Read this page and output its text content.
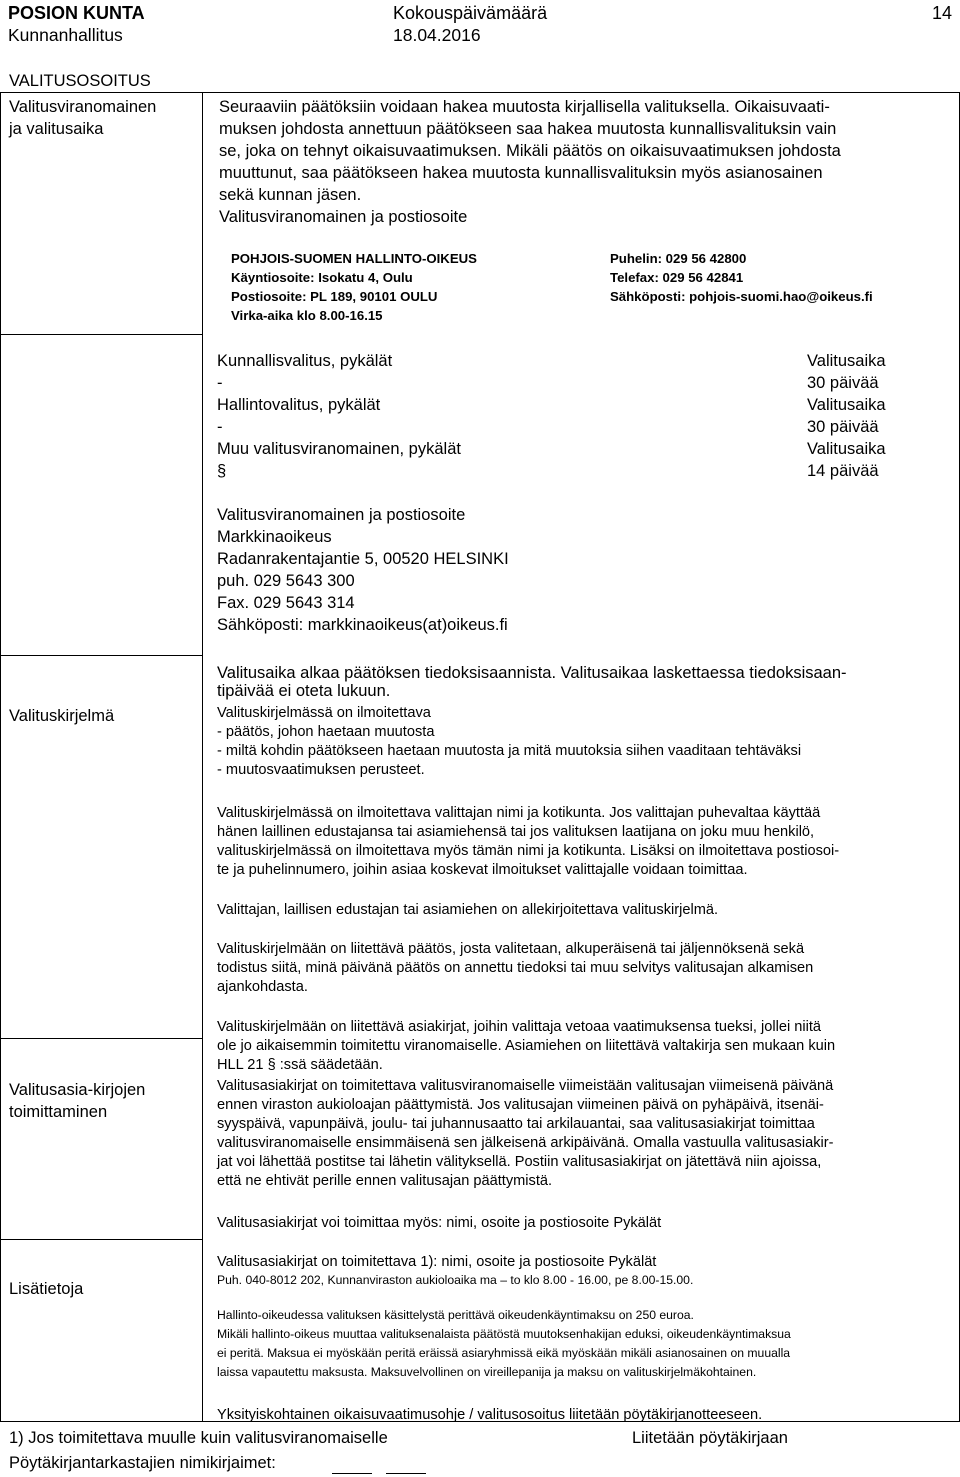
POSION KUNTA
Kunnanhallitus
Kokouspäivämäärä
18.04.2016
14
VALITUSOSOITUS
Valitusviranomainen
ja valitusaika
Valituskirjelmä
Valitusasia-kirjojen
toimittaminen
Lisätietoja
Seuraaviin päätöksiin voidaan hakea muutosta kirjallisella valituksella. Oikaisuvaati-
muksen johdosta annettuun päätökseen saa hakea muutosta kunnallisvalituksin vain
se, joka on tehnyt oikaisuvaatimuksen. Mikäli päätös on oikaisuvaatimuksen johdosta
muuttunut, saa päätökseen hakea muutosta kunnallisvalituksin myös asianosainen
sekä kunnan jäsen.
Valitusviranomainen ja postiosoite
POHJOIS-SUOMEN HALLINTO-OIKEUS
Käyntiosoite: Isokatu 4, Oulu
Postiosoite: PL 189, 90101 OULU
Virka-aika klo 8.00-16.15
Puhelin: 029 56 42800
Telefax: 029 56 42841
Sähköposti: pohjois-suomi.hao@oikeus.fi
Kunnallisvalitus, pykälät
-
Valitusaika
30 päivää
Hallintovalitus, pykälät
-
Valitusaika
30 päivää
Muu valitusviranomainen, pykälät
§
Valitusaika
14 päivää
Valitusviranomainen ja postiosoite
Markkinaoikeus
Radanrakentajantie 5, 00520 HELSINKI
puh. 029 5643 300
Fax. 029 5643 314
Sähköposti: markkinaoikeus(at)oikeus.fi
Valitusaika alkaa päätöksen tiedoksisaannista. Valitusaikaa laskettaessa tiedoksisaan-
tipäivää ei oteta lukuun.
Valituskirjelmässä on ilmoitettava
- päätös, johon haetaan muutosta
- miltä kohdin päätökseen haetaan muutosta ja mitä muutoksia siihen vaaditaan tehtäväksi
- muutosvaatimuksen perusteet.
Valituskirjelmässä on ilmoitettava valittajan nimi ja kotikunta. Jos valittajan puhevaltaa käyttää
hänen laillinen edustajansa tai asiamiehensä tai jos valituksen laatijana on joku muu henkilö,
valituskirjelmässä on ilmoitettava myös tämän nimi ja kotikunta. Lisäksi on ilmoitettava postiosoi-
te ja puhelinnumero, joihin asiaa koskevat ilmoitukset valittajalle voidaan toimittaa.
Valittajan, laillisen edustajan tai asiamiehen on allekirjoitettava valituskirjelmä.
Valituskirjelmään on liitettävä päätös, josta valitetaan, alkuperäisenä tai jäljennöksenä sekä
todistus siitä, minä päivänä päätös on annettu tiedoksi tai muu selvitys valitusajan alkamisen
ajankohdasta.
Valituskirjelmään on liitettävä asiakirjat, joihin valittaja vetoaa vaatimuksensa tueksi, jollei niitä
ole jo aikaisemmin toimitettu viranomaiselle. Asiamiehen on liitettävä valtakirja sen mukaan kuin
HLL 21 § :ssä säädetään.
Valitusasiakirjat on toimitettava valitusviranomaiselle viimeistään valitusajan viimeisenä päivänä
ennen viraston aukioloajan päättymistä. Jos valitusajan viimeinen päivä on pyhäpäivä, itsenäi-
syyspäivä, vapunpäivä, joulu- tai juhannusaatto tai arkilauantai, saa valitusasiakirjat toimittaa
valitusviranomaiselle ensimmäisenä sen jälkeisenä arkipäivänä. Omalla vastuulla valitusasiakir-
jat voi lähettää postitse tai lähetin välityksellä. Postiin valitusasiakirjat on jätettävä niin ajoissa,
että ne ehtivät perille ennen valitusajan päättymistä.
Valitusasiakirjat voi toimittaa myös: nimi, osoite ja postiosoite Pykälät
Valitusasiakirjat on toimitettava 1): nimi, osoite ja postiosoite Pykälät
Puh. 040-8012 202, Kunnanviraston aukioloaika ma – to klo 8.00 - 16.00, pe 8.00-15.00.
Hallinto-oikeudessa valituksen käsittelystä perittävä oikeudenkäyntimaksu on 250 euroa.
Mikäli hallinto-oikeus muuttaa valituksenalaista päätöstä muutoksenhakijan eduksi, oikeudenkäyntimaksua
ei peritä. Maksua ei myöskään peritä eräissä asiaryhmissä eikä myöskään mikäli asianosainen on muualla
laissa vapautettu maksusta. Maksuvelvollinen on vireillepanija ja maksu on valituskirjelmäkohtainen.
Yksityiskohtainen oikaisuvaatimusohje / valitusosoitus liitetään pöytäkirjanotteeseen.
1) Jos toimitettava muulle kuin valitusviranomaiselle	Liitetään pöytäkirjaan
Pöytäkirjantarkastajien nimikirjaimet:
